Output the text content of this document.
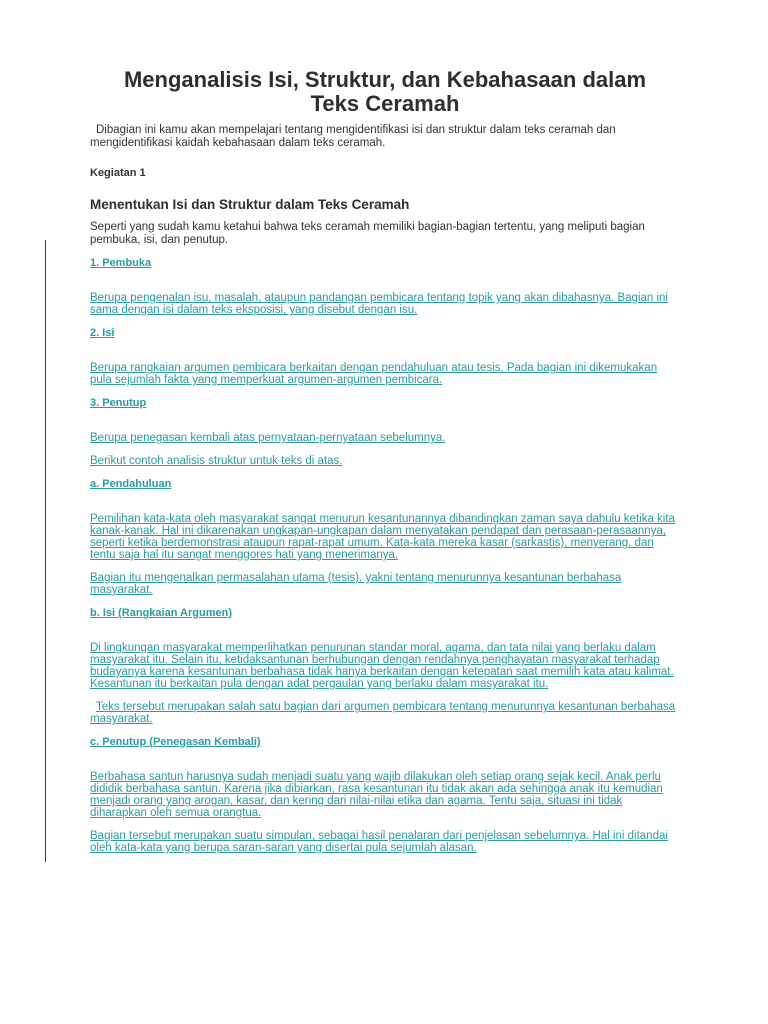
Menganalisis Isi, Struktur, dan Kebahasaan dalam Teks Ceramah

Dibagian ini kamu akan mempelajari tentang mengidentifikasi isi dan struktur dalam teks ceramah dan mengidentifikasi kaidah kebahasaan dalam teks ceramah.

Kegiatan 1

Menentukan Isi dan Struktur dalam Teks Ceramah

Seperti yang sudah kamu ketahui bahwa teks ceramah memiliki bagian-bagian tertentu, yang meliputi bagian pembuka, isi, dan penutup.

1. Pembuka

Berupa pengenalan isu, masalah, ataupun pandangan pembicara tentang topik yang akan dibahasnya. Bagian ini sama dengan isi dalam teks eksposisi, yang disebut dengan isu.

2. Isi

Berupa rangkaian argumen pembicara berkaitan dengan pendahuluan atau tesis. Pada bagian ini dikemukakan pula sejumlah fakta yang memperkuat argumen-argumen pembicara.

3. Penutup

Berupa penegasan kembali atas pernyataan-pernyataan sebelumnya.

Berikut contoh analisis struktur untuk teks di atas.

a. Pendahuluan

Pemilihan kata-kata oleh masyarakat sangat menurun kesantunannya dibandingkan zaman saya dahulu ketika kita kanak-kanak. Hal ini dikarenakan ungkapan-ungkapan dalam menyatakan pendapat dan perasaan-perasaannya, seperti ketika berdemonstrasi ataupun rapat-rapat umum. Kata-kata mereka kasar (sarkastis), menyerang, dan tentu saja hal itu sangat menggores hati yang menerimanya.

Bagian itu mengenalkan permasalahan utama (tesis), yakni tentang menurunnya kesantunan berbahasa masyarakat.

b. Isi (Rangkaian Argumen)

Di lingkungan masyarakat memperlihatkan penurunan standar moral, agama, dan tata nilai yang berlaku dalam masyarakat itu. Selain itu, ketidaksantunan berhubungan dengan rendahnya penghayatan masyarakat terhadap budayanya karena kesantunan berbahasa tidak hanya berkaitan dengan ketepatan saat memilih kata atau kalimat. Kesantunan itu berkaitan pula dengan adat pergaulan yang berlaku dalam masyarakat itu.

Teks tersebut merupakan salah satu bagian dari argumen pembicara tentang menurunnya kesantunan berbahasa masyarakat.

c. Penutup (Penegasan Kembali)

Berbahasa santun harusnya sudah menjadi suatu yang wajib dilakukan oleh setiap orang sejak kecil. Anak perlu dididik berbahasa santun. Karena jika dibiarkan, rasa kesantunan itu tidak akan ada sehingga anak itu kemudian menjadi orang yang arogan, kasar, dan kering dari nilai-nilai etika dan agama. Tentu saja, situasi ini tidak diharapkan oleh semua orangtua.

Bagian tersebut merupakan suatu simpulan, sebagai hasil penalaran dari penjelasan sebelumnya. Hal ini ditandai oleh kata-kata yang berupa saran-saran yang disertai pula sejumlah alasan.
